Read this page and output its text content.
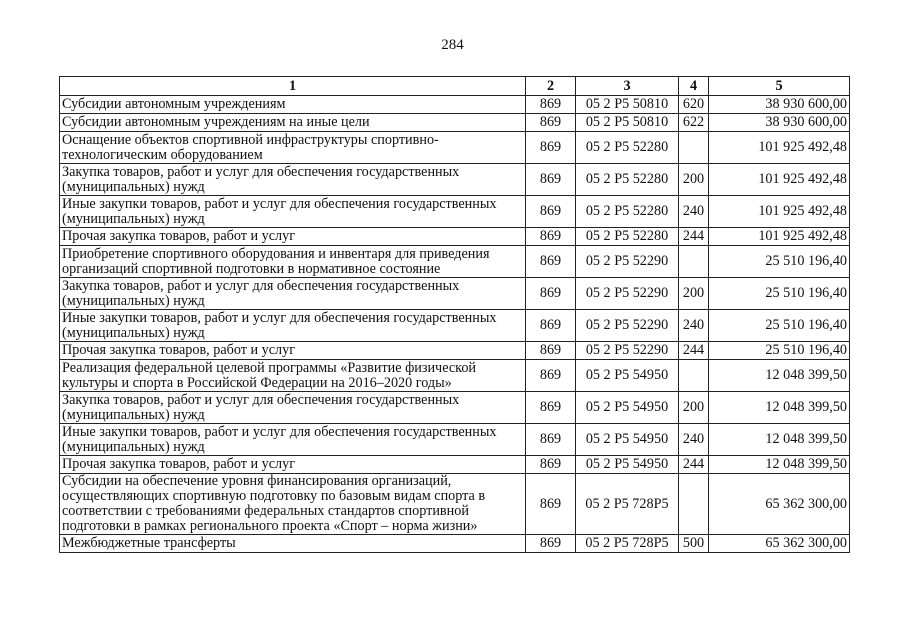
284
1	2	3	4	5
Субсидии автономным учреждениям	869	05 2 P5 50810	620	38 930 600,00
Субсидии автономным учреждениям на иные цели	869	05 2 P5 50810	622	38 930 600,00
Оснащение объектов спортивной инфраструктуры спортивно-технологическим оборудованием	869	05 2 P5 52280		101 925 492,48
Закупка товаров, работ и услуг для обеспечения государственных (муниципальных) нужд	869	05 2 P5 52280	200	101 925 492,48
Иные закупки товаров, работ и услуг для обеспечения государственных (муниципальных) нужд	869	05 2 P5 52280	240	101 925 492,48
Прочая закупка товаров, работ и услуг	869	05 2 P5 52280	244	101 925 492,48
Приобретение спортивного оборудования и инвентаря для приведения организаций спортивной подготовки в нормативное состояние	869	05 2 P5 52290		25 510 196,40
Закупка товаров, работ и услуг для обеспечения государственных (муниципальных) нужд	869	05 2 P5 52290	200	25 510 196,40
Иные закупки товаров, работ и услуг для обеспечения государственных (муниципальных) нужд	869	05 2 P5 52290	240	25 510 196,40
Прочая закупка товаров, работ и услуг	869	05 2 P5 52290	244	25 510 196,40
Реализация федеральной целевой программы «Развитие физической культуры и спорта в Российской Федерации на 2016–2020 годы»	869	05 2 P5 54950		12 048 399,50
Закупка товаров, работ и услуг для обеспечения государственных (муниципальных) нужд	869	05 2 P5 54950	200	12 048 399,50
Иные закупки товаров, работ и услуг для обеспечения государственных (муниципальных) нужд	869	05 2 P5 54950	240	12 048 399,50
Прочая закупка товаров, работ и услуг	869	05 2 P5 54950	244	12 048 399,50
Субсидии на обеспечение уровня финансирования организаций, осуществляющих спортивную подготовку по базовым видам спорта в соответствии с требованиями федеральных стандартов спортивной подготовки в рамках регионального проекта «Спорт – норма жизни»	869	05 2 P5 728P5		65 362 300,00
Межбюджетные трансферты	869	05 2 P5 728P5	500	65 362 300,00
